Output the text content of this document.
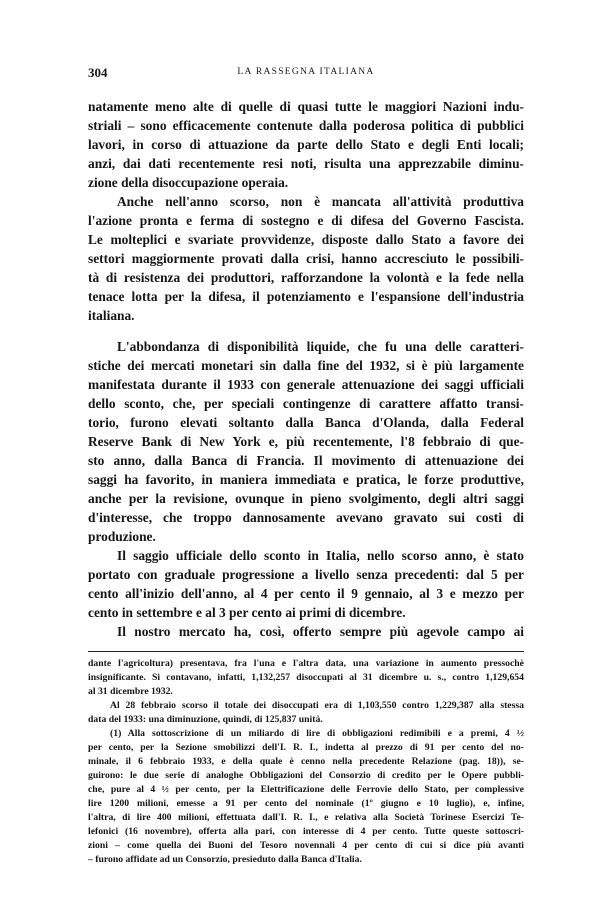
304	LA RASSEGNA ITALIANA
natamente meno alte di quelle di quasi tutte le maggiori Nazioni indu-
striali – sono efficacemente contenute dalla poderosa politica di pubblici
lavori, in corso di attuazione da parte dello Stato e degli Enti locali;
anzi, dai dati recentemente resi noti, risulta una apprezzabile diminu-
zione della disoccupazione operaia.
Anche nell'anno scorso, non è mancata all'attività produttiva
l'azione pronta e ferma di sostegno e di difesa del Governo Fascista.
Le molteplici e svariate provvidenze, disposte dallo Stato a favore dei
settori maggiormente provati dalla crisi, hanno accresciuto le possibili-
tà di resistenza dei produttori, rafforzandone la volontà e la fede nella
tenace lotta per la difesa, il potenziamento e l'espansione dell'industria
italiana.
L'abbondanza di disponibilità liquide, che fu una delle caratteri-
stiche dei mercati monetari sin dalla fine del 1932, si è più largamente
manifestata durante il 1933 con generale attenuazione dei saggi ufficiali
dello sconto, che, per speciali contingenze di carattere affatto transi-
torio, furono elevati soltanto dalla Banca d'Olanda, dalla Federal
Reserve Bank di New York e, più recentemente, l'8 febbraio di que-
sto anno, dalla Banca di Francia. Il movimento di attenuazione dei
saggi ha favorito, in maniera immediata e pratica, le forze produttive,
anche per la revisione, ovunque in pieno svolgimento, degli altri saggi
d'interesse, che troppo dannosamente avevano gravato sui costi di
produzione.
Il saggio ufficiale dello sconto in Italia, nello scorso anno, è stato
portato con graduale progressione a livello senza precedenti: dal 5 per
cento all'inizio dell'anno, al 4 per cento il 9 gennaio, al 3 e mezzo per
cento in settembre e al 3 per cento ai primi di dicembre.
Il nostro mercato ha, così, offerto sempre più agevole campo ai
dante l'agricoltura) presentava, fra l'una e l'altra data, una variazione in aumento pressochè
insignificante. Si contavano, infatti, 1,132,257 disoccupati al 31 dicembre u. s., contro 1,129,654
al 31 dicembre 1932.
Al 28 febbraio scorso il totale dei disoccupati era di 1,103,550 contro 1,229,387 alla stessa
data del 1933: una diminuzione, quindi, di 125,837 unità.
(1) Alla sottoscrizione di un miliardo di lire di obbligazioni redimibili e a premi, 4 ½
per cento, per la Sezione smobilizzi dell'I. R. I., indetta al prezzo di 91 per cento del no-
minale, il 6 febbraio 1933, e della quale è cenno nella precedente Relazione (pag. 18)), se-
guirono: le due serie di analoghe Obbligazioni del Consorzio di credito per le Opere pubbli-
che, pure al 4 ½ per cento, per la Elettrificazione delle Ferrovie dello Stato, per complessive
lire 1200 milioni, emesse a 91 per cento del nominale (1º giugno e 10 luglio), e, infine,
l'altra, di lire 400 milioni, effettuata dall'I. R. I., e relativa alla Società Torinese Esercizi Te-
lefonici (16 novembre), offerta alla pari, con interesse di 4 per cento. Tutte queste sottoscri-
zioni – come quella dei Buoni del Tesoro novennali 4 per cento di cui si dice più avanti
– furono affidate ad un Consorzio, presieduto dalla Banca d'Italia.
